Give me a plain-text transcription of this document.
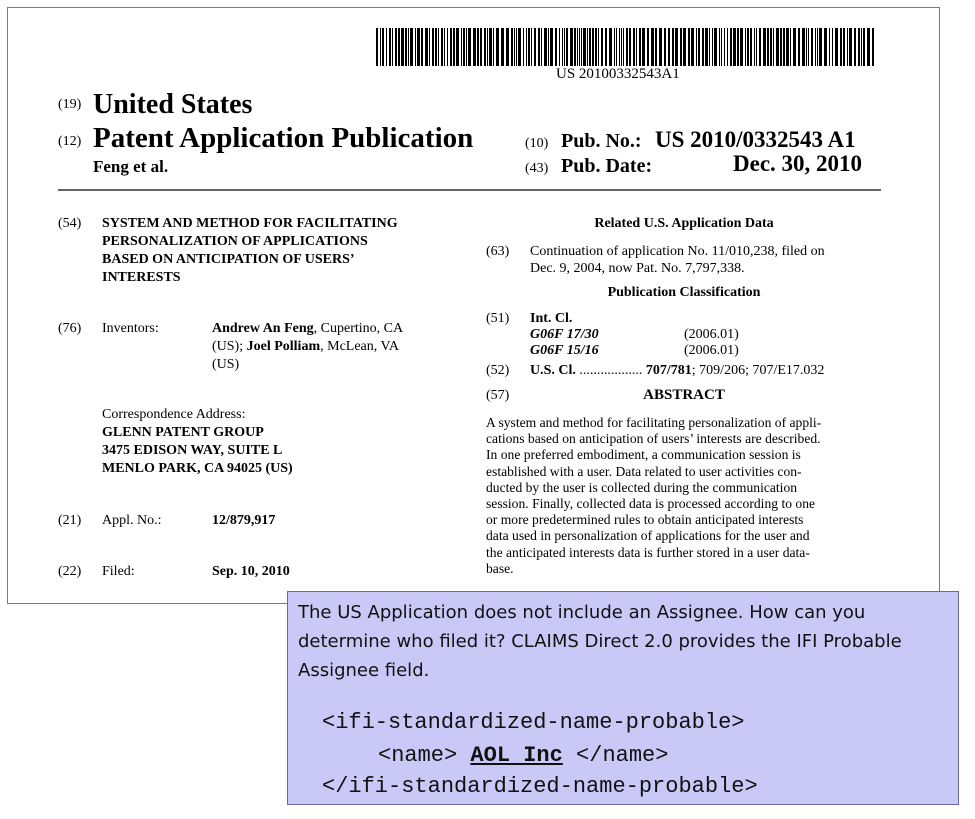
US 20100332543A1
(19) United States
(12) Patent Application Publication
Feng et al.
(10) Pub. No.: US 2010/0332543 A1
(43) Pub. Date:	Dec. 30, 2010
(54) SYSTEM AND METHOD FOR FACILITATING
PERSONALIZATION OF APPLICATIONS
BASED ON ANTICIPATION OF USERS’
INTERESTS
(76) Inventors:	Andrew An Feng, Cupertino, CA
(US); Joel Polliam, McLean, VA
(US)
Correspondence Address:
GLENN PATENT GROUP
3475 EDISON WAY, SUITE L
MENLO PARK, CA 94025 (US)
(21) Appl. No.:	12/879,917
(22) Filed:	Sep. 10, 2010
Related U.S. Application Data
(63) Continuation of application No. 11/010,238, filed on
Dec. 9, 2004, now Pat. No. 7,797,338.
Publication Classification
(51) Int. Cl.
G06F 17/30	(2006.01)
G06F 15/16	(2006.01)
(52) U.S. Cl. .................. 707/781; 709/206; 707/E17.032
(57)	ABSTRACT
A system and method for facilitating personalization of appli-
cations based on anticipation of users’ interests are described.
In one preferred embodiment, a communication session is
established with a user. Data related to user activities con-
ducted by the user is collected during the communication
session. Finally, collected data is processed according to one
or more predetermined rules to obtain anticipated interests
data used in personalization of applications for the user and
the anticipated interests data is further stored in a user data-
base.
The US Application does not include an Assignee. How can you determine who filed it? CLAIMS Direct 2.0 provides the IFI Probable Assignee field.
<ifi-standardized-name-probable>
<name> AOL Inc </name>
</ifi-standardized-name-probable>
